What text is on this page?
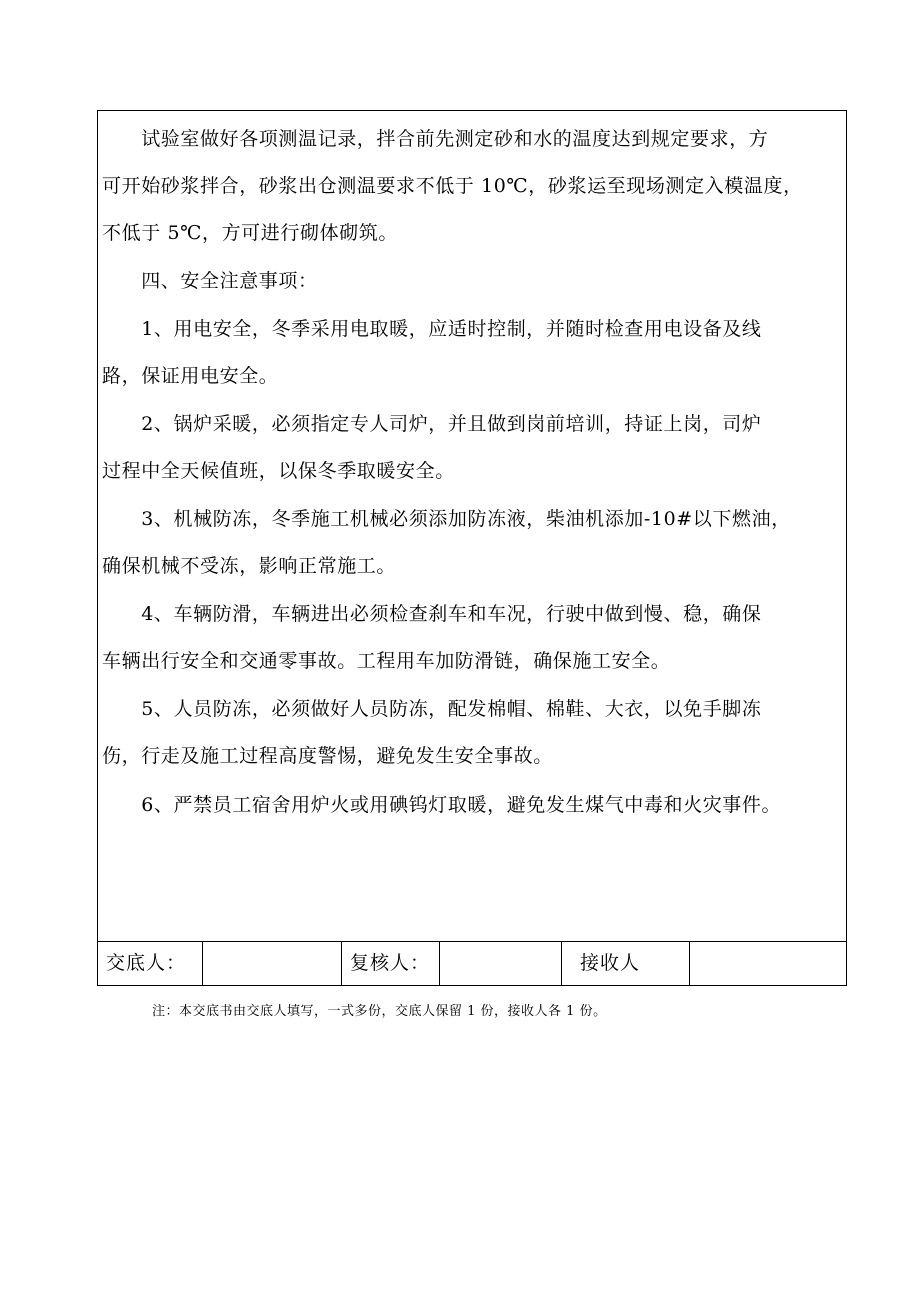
　　试验室做好各项测温记录，拌合前先测定砂和水的温度达到规定要求，方
可开始砂浆拌合，砂浆出仓测温要求不低于 10℃，砂浆运至现场测定入模温度，
不低于 5℃，方可进行砌体砌筑。

　　四、安全注意事项：

　　1、用电安全，冬季采用电取暖，应适时控制，并随时检查用电设备及线
路，保证用电安全。

　　2、锅炉采暖，必须指定专人司炉，并且做到岗前培训，持证上岗，司炉
过程中全天候值班，以保冬季取暖安全。

　　3、机械防冻，冬季施工机械必须添加防冻液，柴油机添加-10#以下燃油，
确保机械不受冻，影响正常施工。

　　4、车辆防滑，车辆进出必须检查刹车和车况，行驶中做到慢、稳，确保
车辆出行安全和交通零事故。工程用车加防滑链，确保施工安全。

　　5、人员防冻，必须做好人员防冻，配发棉帽、棉鞋、大衣，以免手脚冻
伤，行走及施工过程高度警惕，避免发生安全事故。

　　6、严禁员工宿舍用炉火或用碘钨灯取暖，避免发生煤气中毒和火灾事件。

交底人：	复核人：	接收人
注：本交底书由交底人填写，一式多份，交底人保留 1 份，接收人各 1 份。
